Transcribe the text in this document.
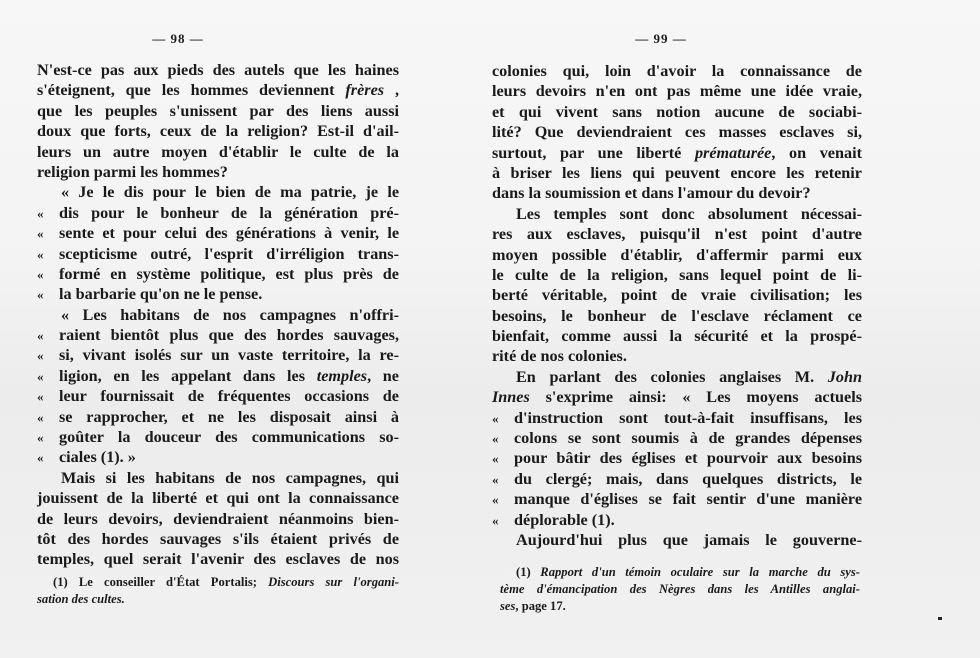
— 98 —
N'est-ce pas aux pieds des autels que les haines
s'éteignent, que les hommes deviennent frères ,
que les peuples s'unissent par des liens aussi
doux que forts, ceux de la religion? Est-il d'ail-
leurs un autre moyen d'établir le culte de la
religion parmi les hommes?
« Je le dis pour le bien de ma patrie, je le
« dis pour le bonheur de la génération pré-
« sente et pour celui des générations à venir, le
« scepticisme outré, l'esprit d'irréligion trans-
« formé en système politique, est plus près de
« la barbarie qu'on ne le pense.
« Les habitans de nos campagnes n'offri-
« raient bientôt plus que des hordes sauvages,
« si, vivant isolés sur un vaste territoire, la re-
« ligion, en les appelant dans les temples, ne
« leur fournissait de fréquentes occasions de
« se rapprocher, et ne les disposait ainsi à
« goûter la douceur des communications so-
« ciales (1). »
Mais si les habitans de nos campagnes, qui
jouissent de la liberté et qui ont la connaissance
de leurs devoirs, deviendraient néanmoins bien-
tôt des hordes sauvages s'ils étaient privés de
temples, quel serait l'avenir des esclaves de nos
(1) Le conseiller d'État Portalis; Discours sur l'organi-
sation des cultes.
— 99 —
colonies qui, loin d'avoir la connaissance de
leurs devoirs n'en ont pas même une idée vraie,
et qui vivent sans notion aucune de sociabi-
lité? Que deviendraient ces masses esclaves si,
surtout, par une liberté prématurée, on venait
à briser les liens qui peuvent encore les retenir
dans la soumission et dans l'amour du devoir?
Les temples sont donc absolument nécessai-
res aux esclaves, puisqu'il n'est point d'autre
moyen possible d'établir, d'affermir parmi eux
le culte de la religion, sans lequel point de li-
berté véritable, point de vraie civilisation; les
besoins, le bonheur de l'esclave réclament ce
bienfait, comme aussi la sécurité et la prospé-
rité de nos colonies.
En parlant des colonies anglaises M. John
Innes s'exprime ainsi: « Les moyens actuels
« d'instruction sont tout-à-fait insuffisans, les
« colons se sont soumis à de grandes dépenses
« pour bâtir des églises et pourvoir aux besoins
« du clergé; mais, dans quelques districts, le
« manque d'églises se fait sentir d'une manière
« déplorable (1).
Aujourd'hui plus que jamais le gouverne-
(1) Rapport d'un témoin oculaire sur la marche du sys-
tème d'émancipation des Nègres dans les Antilles anglai-
ses, page 17.
